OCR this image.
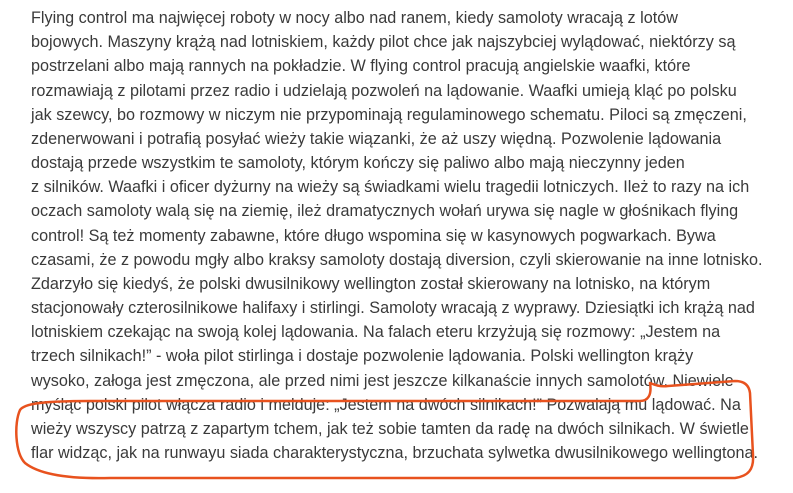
Flying control ma najwięcej roboty w nocy albo nad ranem, kiedy samoloty wracają z lotów
bojowych. Maszyny krążą nad lotniskiem, każdy pilot chce jak najszybciej wylądować, niektórzy są
postrzelani albo mają rannych na pokładzie. W flying control pracują angielskie waafki, które
rozmawiają z pilotami przez radio i udzielają pozwoleń na lądowanie. Waafki umieją kląć po polsku
jak szewcy, bo rozmowy w niczym nie przypominają regulaminowego schematu. Piloci są zmęczeni,
zdenerwowani i potrafią posyłać wieży takie wiązanki, że aż uszy więdną. Pozwolenie lądowania
dostają przede wszystkim te samoloty, którym kończy się paliwo albo mają nieczynny jeden
z silników. Waafki i oficer dyżurny na wieży są świadkami wielu tragedii lotniczych. Ileż to razy na ich
oczach samoloty walą się na ziemię, ileż dramatycznych wołań urywa się nagle w głośnikach flying
control! Są też momenty zabawne, które długo wspomina się w kasynowych pogwarkach. Bywa
czasami, że z powodu mgły albo kraksy samoloty dostają diversion, czyli skierowanie na inne lotnisko.
Zdarzyło się kiedyś, że polski dwusilnikowy wellington został skierowany na lotnisko, na którym
stacjonowały czterosilnikowe halifaxy i stirlingi. Samoloty wracają z wyprawy. Dziesiątki ich krążą nad
lotniskiem czekając na swoją kolej lądowania. Na falach eteru krzyżują się rozmowy: „Jestem na
trzech silnikach!” - woła pilot stirlinga i dostaje pozwolenie lądowania. Polski wellington krąży
wysoko, załoga jest zmęczona, ale przed nimi jest jeszcze kilkanaście innych samolotów. Niewiele
myśląc polski pilot włącza radio i melduje: „Jestem na dwóch silnikach!” Pozwalają mu lądować. Na
wieży wszyscy patrzą z zapartym tchem, jak też sobie tamten da radę na dwóch silnikach. W świetle
flar widząc, jak na runwayu siada charakterystyczna, brzuchata sylwetka dwusilnikowego wellingtona.
